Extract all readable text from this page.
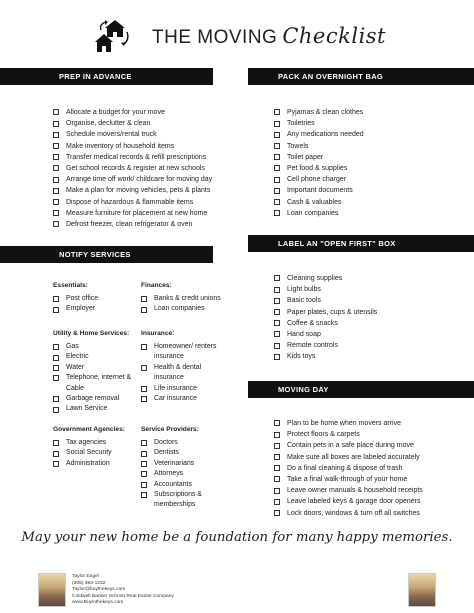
THE MOVING Checklist
PREP IN ADVANCE	PACK AN OVERNIGHT BAG
NOTIFY SERVICES
LABEL AN "OPEN FIRST" BOX
MOVING DAY
Allocate a budget for your move
Organise, declutter & clean
Schedule movers/rental truck
Make inventory of household items
Transfer medical records & refill prescriptions
Get school records & register at new schools
Arrange time off work/ childcare for moving day
Make a plan for moving vehicles, pets & plants
Dispose of hazardous & flammable items
Measure furniture for placement at new home
Defrost freezer, clean refrigerator & oven
Pyjamas & clean clothes
Toiletries
Any medications needed
Towels
Toilet paper
Pet food & supplies
Cell phone charger
Important documents
Cash & valuables
Loan companies
Cleaning supplies
Light bulbs
Basic tools
Paper plates, cups & utensils
Coffee & snacks
Hand soap
Remote controls
Kids toys
Plan to be home when movers arrive
Protect floors & carpets
Contain pets in a safe place during move
Make sure all boxes are labeled accurately
Do a final cleaning & dispose of trash
Take a final walk-through of your home
Leave owner manuals & household receipts
Leave labeled keys & garage door openers
Lock doors, windows & turn off all switches
Essentials:
Post office
Employer
Finances:
Banks & credit unions
Loan companies
Utility & Home Services:
Gas
Electric
Water
Telephone, internet & Cable
Garbage removal
Lawn Service
Insurance:
Homeowner/ renters insurance
Health & dental insurance
Life insurance
Car insurance
Government Agencies:
Tax agencies
Social Security
Administration
Service Providers:
Doctors
Dentists
Veterinarians
Attorneys
Accountants
Subscriptions & memberships
May your new home be a foundation for many happy memories.
Taylor Engel
(305) 393-1232
Taylor@buythekeys.com
Coldwell Banker Schmitt Real Estate Company
www.Buyinthekeys.com
